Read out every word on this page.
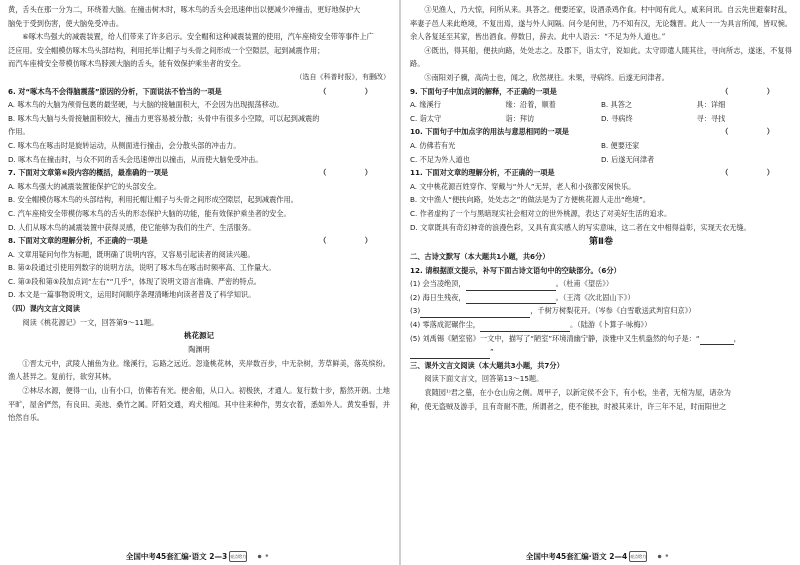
黄，舌头在那一分为二，环绕着大脑。在撞击树木时，啄木鸟的舌头会迅速伸出以便减少冲撞击，更好地保护大

脑免于受到伤害，使大脑免受冲击。

⑥啄木鸟强大的减震装置，给人们带来了许多启示。安全帽和这种减震装置的使用，汽车座椅安全带等事件上广

泛应用。安全帽模仿啄木鸟头部结构，利用托举让帽子与头骨之间形成一个空隙层，起到减震作用；

而汽车座椅安全带模仿啄木鸟脖颈大脑的舌头，能有效保护乘坐者的安全。

（选自《科普时报》，有删改）

6. 对“啄木鸟不会得脑震荡”原因的分析，下面说法不恰当的一项是	（ ）

A. 啄木鸟的大脑为颅骨包裹的最坚硬，与大脑的接触面积大，不会因为出现振荡移动。

B. 啄木鸟大脑与头骨接触面积较大，撞击力更容易被分散；头骨中有很多小空隙，可以起到减震的

作用。

C. 啄木鸟在啄击时是旋转运动，从侧面进行撞击，会分散头部的冲击力。

D. 啄木鸟在撞击时，与众不同的舌头会迅速伸出以撞击，从而使大脑免受冲击。

7. 下面对文章第⑥段内容的概括，最准确的一项是	（ ）

A. 啄木鸟强大的减震装置能保护它的头部安全。

B. 安全帽模仿啄木鸟的头部结构，利用托帽让帽子与头骨之间形成空隙层，起到减震作用。

C. 汽车座椅安全带模仿啄木鸟的舌头的形态保护大脑的功能，能有效保护乘坐者的安全。

D. 人们从啄木鸟的减震装置中获得灵感，使它能够为我们的生产、生活服务。

8. 下面对文章的理解分析，不正确的一项是	（ ）

A. 文章用疑问句作为标题，既明确了说明内容，又容易引起读者的阅读兴趣。

B. 第②段通过引使用列数字的说明方法，说明了啄木鸟在啄击时频率高、工作量大。

C. 第③段和第⑤段加点词“左右”“几乎”，体现了说明文语言准确、严密的特点。

D. 本文是一篇事物说明文，运用时间顺序条理清晰地向读者普及了科学知识。

（四）课内文言文阅读

阅读《桃花源记》一文，回答第9～11题。

桃花源记

陶渊明

①晋太元中，武陵人捕鱼为业。缘溪行，忘路之远近。忽逢桃花林，夹岸数百步，中无杂树，芳草鲜美，落英缤纷。渔人甚异之。复前行，欲穷其林。

②林尽水源，便得一山，山有小口，仿佛若有光。便舍船，从口入。初极狭，才通人。复行数十步，豁然开朗。土地平旷，屋舍俨然，有良田、美池、桑竹之属。阡陌交通，鸡犬相闻。其中往来种作，男女衣着，悉如外人。黄发垂髫，并怡然自乐。

全国中考45套汇编·语文 2—3 亮点给力

③见渔人，乃大惊，问所从来。具答之。便要还家，设酒杀鸡作食。村中闻有此人，咸来问讯。自云先世避秦时乱，率妻子邑人来此绝境，不复出焉，遂与外人间隔。问今是何世，乃不知有汉，无论魏晋。此人一一为具言所闻，皆叹惋。余人各复延至其家，皆出酒食。停数日，辞去。此中人语云：“不足为外人道也。”

④既出，得其船，便扶向路，处处志之。及郡下，诣太守，说如此。太守即遣人随其往，寻向所志，遂迷，不复得路。

⑤南阳刘子骥，高尚士也，闻之，欣然规往。未果，寻病终。后遂无问津者。

9. 下面句子中加点词的解释，不正确的一项是	（ ）

A. 缘溪行	缘：沿着，顺着	B. 具答之	具：详细
C. 诣太守	诣：拜访	D. 寻病终	寻：寻找

10. 下面句子中加点字的用法与意思相同的一项是	（ ）

A. 仿佛若有光	B. 便要还家
C. 不足为外人道也	D. 后遂无问津者

11. 下面对文章的理解分析，不正确的一项是	（ ）

A. 文中桃花源百姓穿作、穿戴与“外人”无异，老人和小孩都安闲快乐。

B. 文中渔人“便扶向路，处处志之”的做法是为了方便桃花源人走出“绝境”。

C. 作者虚构了一个与黑暗现实社会相对立的世外桃源，表达了对美好生活的追求。

D. 文章既具有奇幻神奇的浪漫色彩，又具有真实感人的写实意味，这二者在文中相得益彰，实现天衣无缝。

第Ⅱ卷

二、古诗文默写（本大题共1小题，共6分）

12. 请根据原文提示，补写下面古诗文语句中的空缺部分。（6分）

(1) 会当凌绝顶，	。（杜甫《望岳》）

(2) 海日生残夜，	。（王湾《次北固山下》）

(3)	，千树万树梨花开。（岑参《白雪歌送武判官归京》）

(4) 零落成泥碾作尘，	。（陆游《卜算子·咏梅》）

(5) 刘禹锡《陋室铭》一文中，描写了“陋室”环境清幽宁静，淡雅中又生机盎然的句子是：“	，

”

三、课外文言文阅读（本大题共3小题，共7分）

阅读下面文言文，回答第13～15题。

袁随园¹⁾君之墓，在小仓山房之侧。周甲子，以新定侯不会下，有小松，坐者，无棺为屋，诸杂为

种，使无盗贼及游手，且有奇耐不胜，所谓者之，使不能独，时被其来计，许三年不足，时而阳世之

全国中考45套汇编·语文 2—4 亮点给力
